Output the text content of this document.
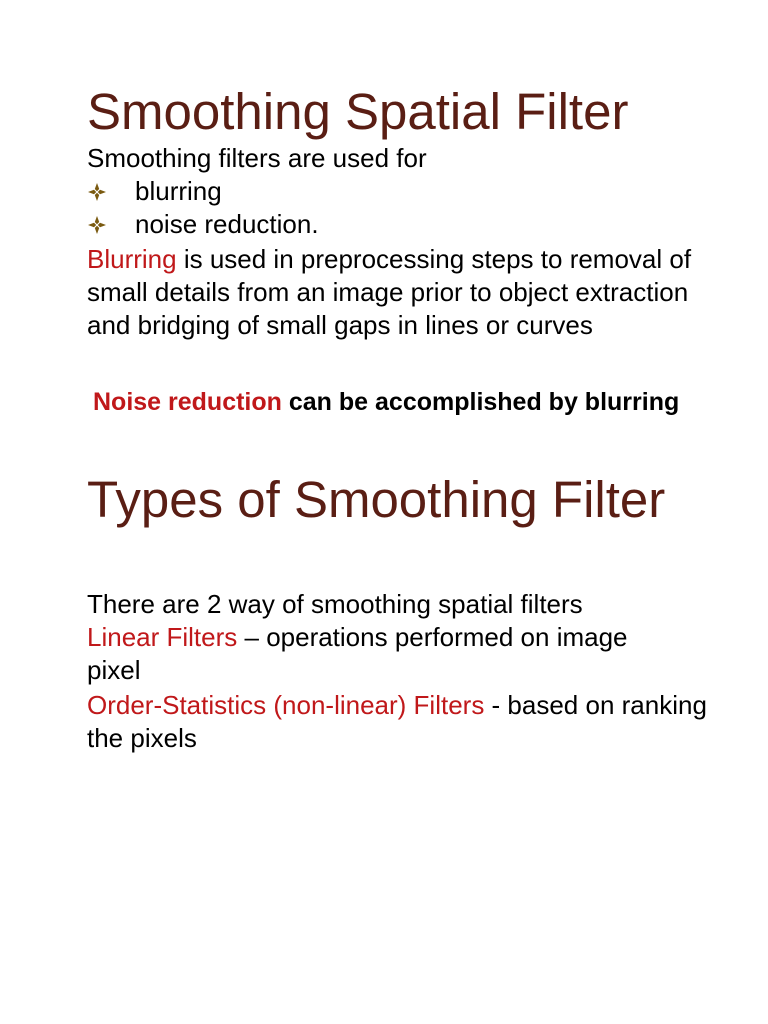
Smoothing Spatial Filter

Smoothing filters are used for

blurring
noise reduction.

Blurring is used in preprocessing steps to removal of small details from an image prior to object extraction and bridging of small gaps in lines or curves

Noise reduction can be accomplished by blurring

Types of Smoothing Filter

There are 2 way of smoothing spatial filters

Linear Filters – operations performed on image pixel

Order-Statistics (non-linear) Filters - based on ranking the pixels
